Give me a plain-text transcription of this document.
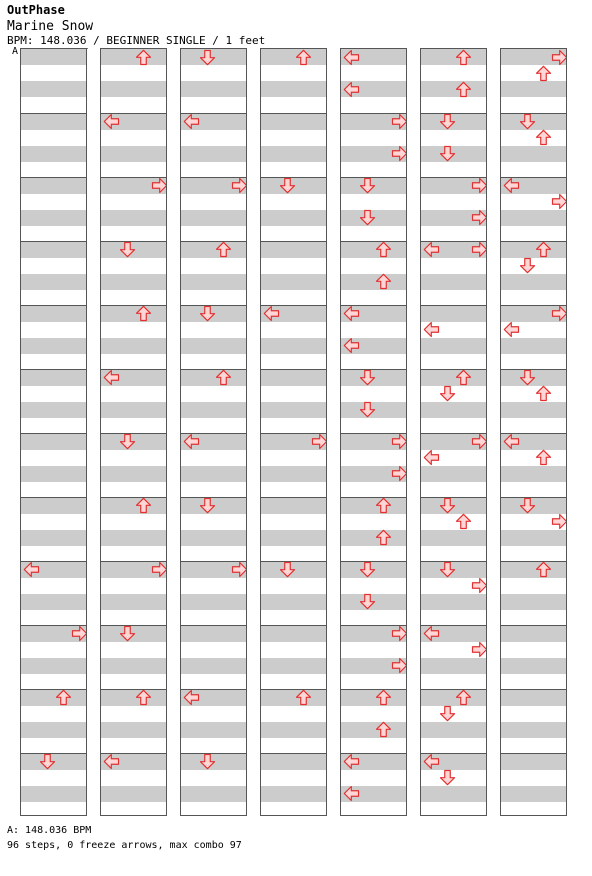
OutPhase
Marine Snow
BPM: 148.036 / BEGINNER SINGLE / 1 feet
A
A: 148.036 BPM
96 steps, 0 freeze arrows, max combo 97
